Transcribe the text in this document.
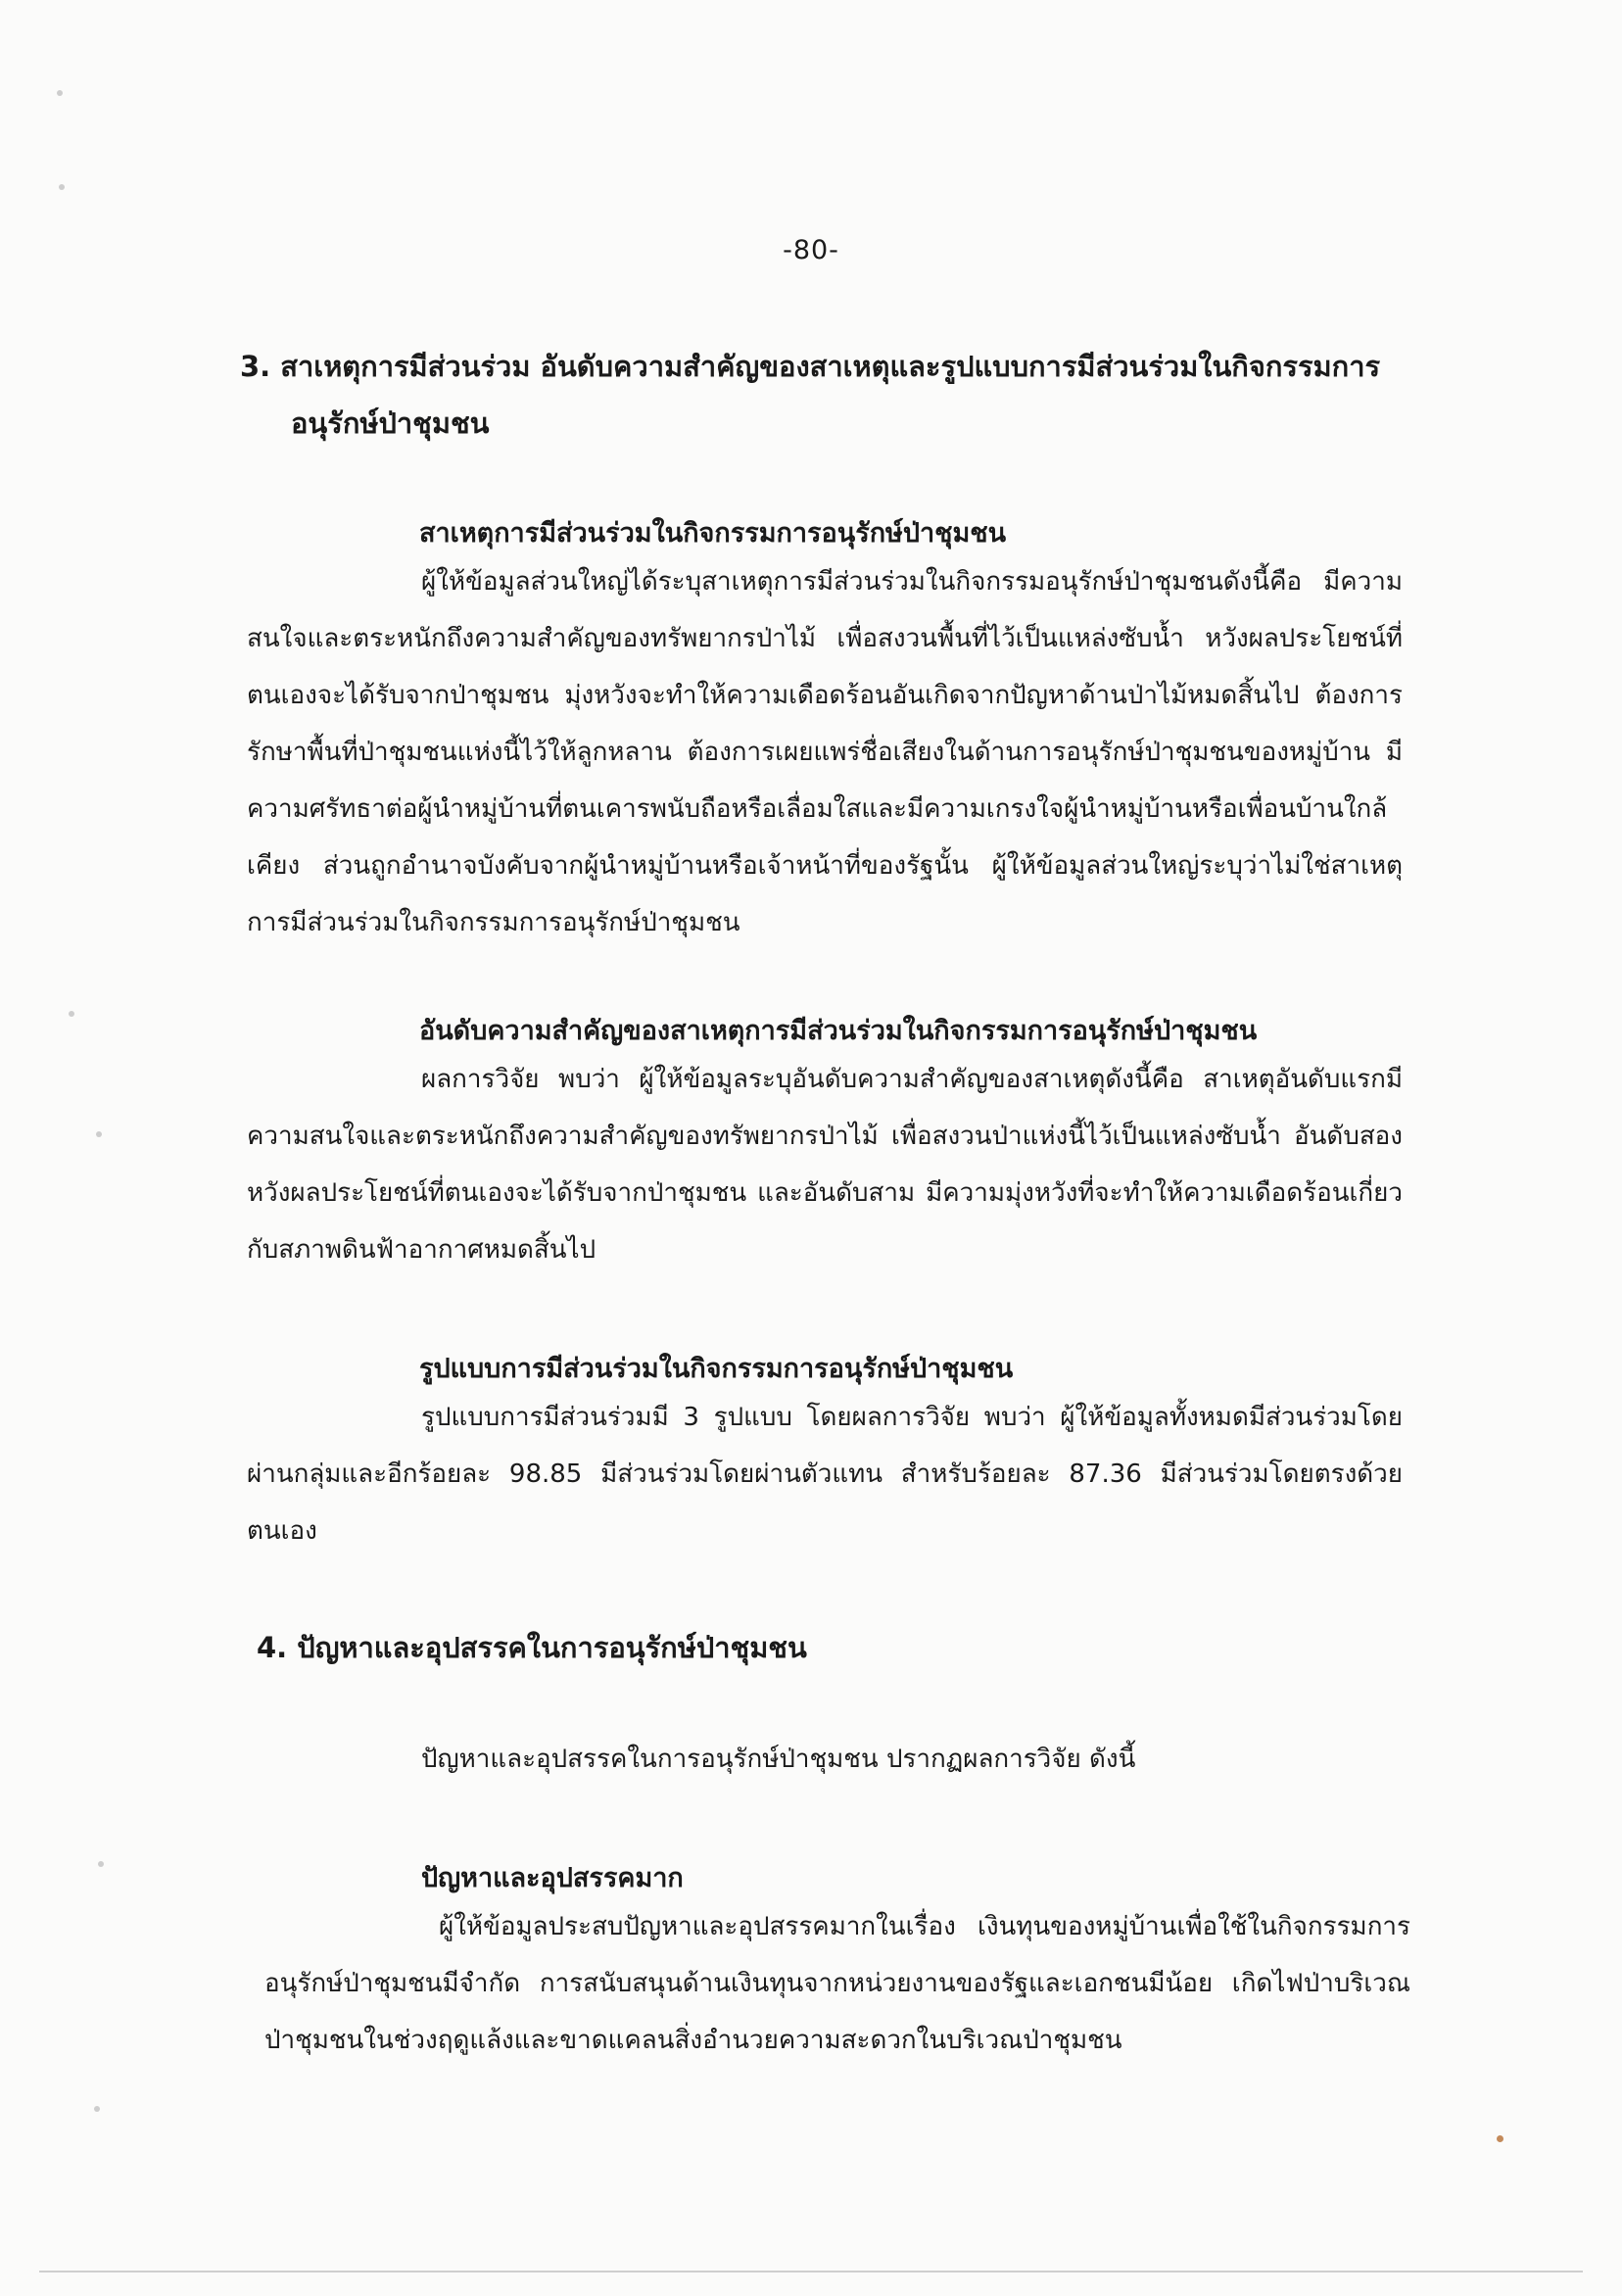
-80-
3. สาเหตุการมีส่วนร่วม อันดับความสำคัญของสาเหตุและรูปแบบการมีส่วนร่วมในกิจกรรมการ
อนุรักษ์ป่าชุมชน
สาเหตุการมีส่วนร่วมในกิจกรรมการอนุรักษ์ป่าชุมชน
ผู้ให้ข้อมูลส่วนใหญ่ได้ระบุสาเหตุการมีส่วนร่วมในกิจกรรมอนุรักษ์ป่าชุมชนดังนี้คือ มีความสนใจและตระหนักถึงความสำคัญของทรัพยากรป่าไม้ เพื่อสงวนพื้นที่ไว้เป็นแหล่งซับน้ำ หวังผลประโยชน์ที่ตนเองจะได้รับจากป่าชุมชน มุ่งหวังจะทำให้ความเดือดร้อนอันเกิดจากปัญหาด้านป่าไม้หมดสิ้นไป ต้องการรักษาพื้นที่ป่าชุมชนแห่งนี้ไว้ให้ลูกหลาน ต้องการเผยแพร่ชื่อเสียงในด้านการอนุรักษ์ป่าชุมชนของหมู่บ้าน มีความศรัทธาต่อผู้นำหมู่บ้านที่ตนเคารพนับถือหรือเลื่อมใสและมีความเกรงใจผู้นำหมู่บ้านหรือเพื่อนบ้านใกล้เคียง ส่วนถูกอำนาจบังคับจากผู้นำหมู่บ้านหรือเจ้าหน้าที่ของรัฐนั้น ผู้ให้ข้อมูลส่วนใหญ่ระบุว่าไม่ใช่สาเหตุการมีส่วนร่วมในกิจกรรมการอนุรักษ์ป่าชุมชน
อันดับความสำคัญของสาเหตุการมีส่วนร่วมในกิจกรรมการอนุรักษ์ป่าชุมชน
ผลการวิจัย พบว่า ผู้ให้ข้อมูลระบุอันดับความสำคัญของสาเหตุดังนี้คือ สาเหตุอันดับแรกมีความสนใจและตระหนักถึงความสำคัญของทรัพยากรป่าไม้ เพื่อสงวนป่าแห่งนี้ไว้เป็นแหล่งซับน้ำ อันดับสอง หวังผลประโยชน์ที่ตนเองจะได้รับจากป่าชุมชน และอันดับสาม มีความมุ่งหวังที่จะทำให้ความเดือดร้อนเกี่ยวกับสภาพดินฟ้าอากาศหมดสิ้นไป
รูปแบบการมีส่วนร่วมในกิจกรรมการอนุรักษ์ป่าชุมชน
รูปแบบการมีส่วนร่วมมี 3 รูปแบบ โดยผลการวิจัย พบว่า ผู้ให้ข้อมูลทั้งหมดมีส่วนร่วมโดยผ่านกลุ่มและอีกร้อยละ 98.85 มีส่วนร่วมโดยผ่านตัวแทน สำหรับร้อยละ 87.36 มีส่วนร่วมโดยตรงด้วยตนเอง
4. ปัญหาและอุปสรรคในการอนุรักษ์ป่าชุมชน
ปัญหาและอุปสรรคในการอนุรักษ์ป่าชุมชน ปรากฏผลการวิจัย ดังนี้
ปัญหาและอุปสรรคมาก
ผู้ให้ข้อมูลประสบปัญหาและอุปสรรคมากในเรื่อง เงินทุนของหมู่บ้านเพื่อใช้ในกิจกรรมการอนุรักษ์ป่าชุมชนมีจำกัด การสนับสนุนด้านเงินทุนจากหน่วยงานของรัฐและเอกชนมีน้อย เกิดไฟป่าบริเวณป่าชุมชนในช่วงฤดูแล้งและขาดแคลนสิ่งอำนวยความสะดวกในบริเวณป่าชุมชน
